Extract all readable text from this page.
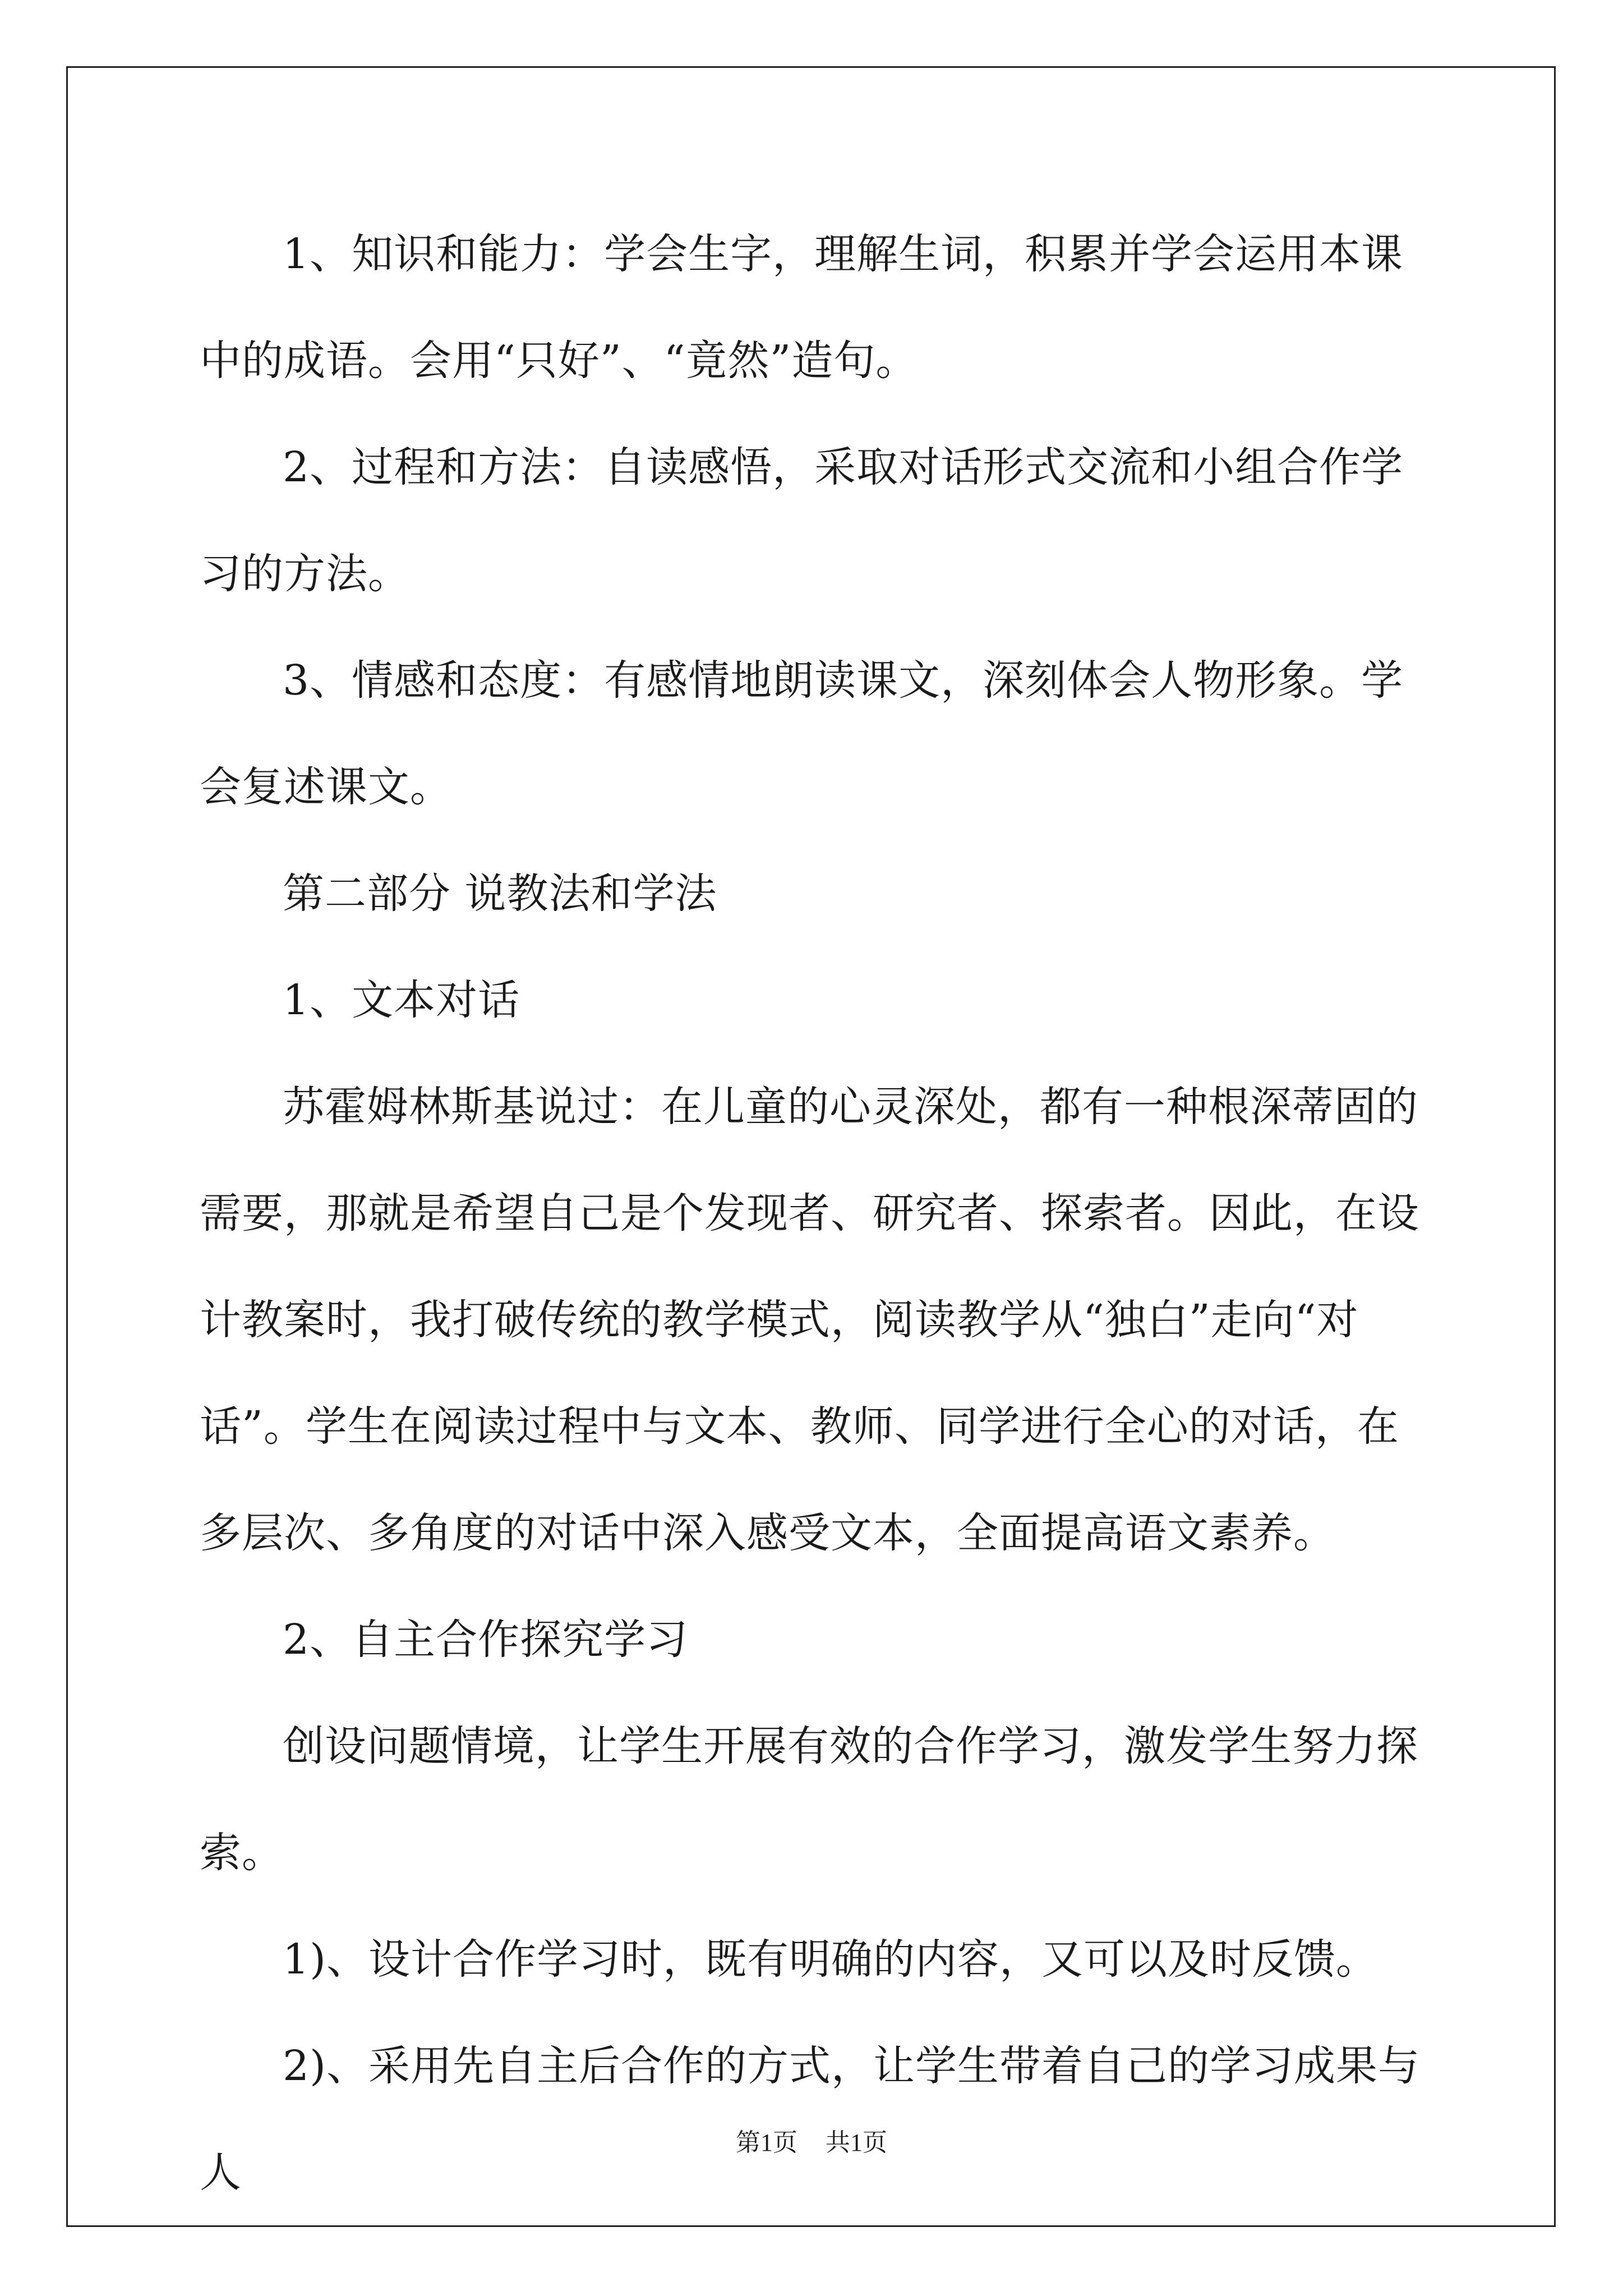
1、知识和能力：学会生字，理解生词，积累并学会运用本课 中的成语。会用“只好”、“竟然”造句。

2、过程和方法：自读感悟，采取对话形式交流和小组合作学习的方法。

3、情感和态度：有感情地朗读课文，深刻体会人物形象。学会复述课文。

第二部分 说教法和学法

1、文本对话

苏霍姆林斯基说过：在儿童的心灵深处，都有一种根深蒂固的需要，那就是希望自己是个发现者、研究者、探索者。因此，在设计教案时，我打破传统的教学模式，阅读教学从“独白”走向“对话”。学生在阅读过程中与文本、教师、同学进行全心的对话，在多层次、多角度的对话中深入感受文本，全面提高语文素养。

2、自主合作探究学习

创设问题情境，让学生开展有效的合作学习，激发学生努力探索。

1)、设计合作学习时，既有明确的内容，又可以及时反馈。

2)、采用先自主后合作的方式，让学生带着自己的学习成果与人

第1页 共1页
